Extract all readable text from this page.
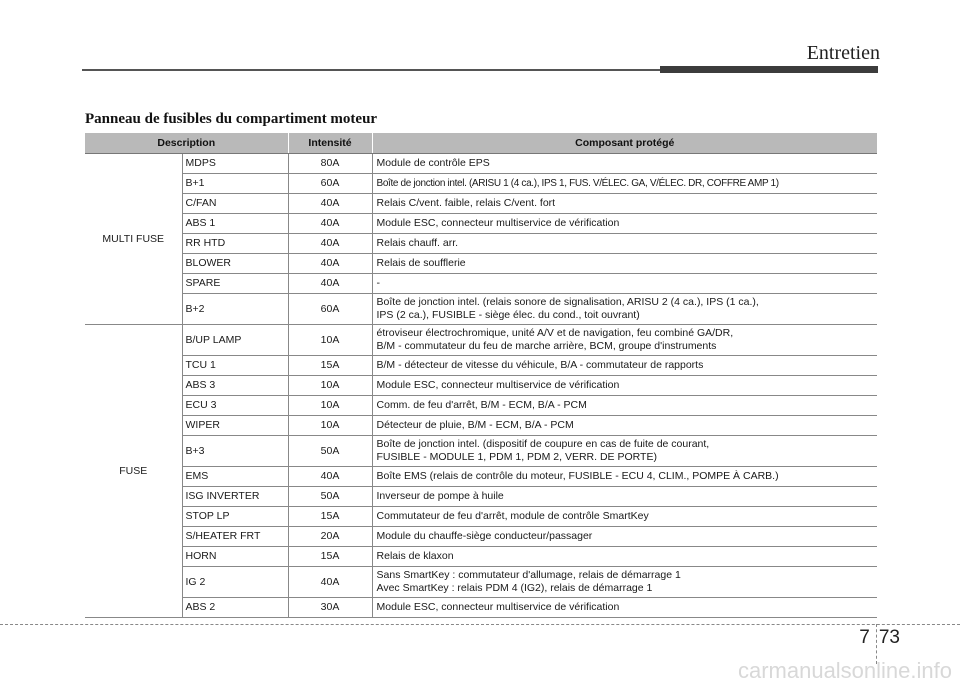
Entretien
Panneau de fusibles du compartiment moteur
Description		Intensité	Composant protégé
MULTI FUSE	MDPS	80A	Module de contrôle EPS

	B+1	60A	Boîte de jonction intel. (ARISU 1 (4 ca.), IPS 1, FUS. V/ÉLEC. GA, V/ÉLEC. DR, COFFRE AMP 1)

	C/FAN	40A	Relais C/vent. faible, relais C/vent. fort

	ABS 1	40A	Module ESC, connecteur multiservice de vérification

	RR HTD	40A	Relais chauff. arr.

	BLOWER	40A	Relais de soufflerie

	SPARE	40A	-

	B+2	60A	Boîte de jonction intel. (relais sonore de signalisation, ARISU 2 (4 ca.), IPS (1 ca.),
IPS (2 ca.), FUSIBLE - siège élec. du cond., toit ouvrant)

FUSE	B/UP LAMP	10A	étroviseur électrochromique, unité A/V et de navigation, feu combiné GA/DR,
B/M - commutateur du feu de marche arrière, BCM, groupe d'instruments

	TCU 1	15A	B/M - détecteur de vitesse du véhicule, B/A - commutateur de rapports

	ABS 3	10A	Module ESC, connecteur multiservice de vérification

	ECU 3	10A	Comm. de feu d'arrêt, B/M - ECM, B/A - PCM

	WIPER	10A	Détecteur de pluie, B/M - ECM, B/A - PCM

	B+3	50A	Boîte de jonction intel. (dispositif de coupure en cas de fuite de courant,
FUSIBLE - MODULE 1, PDM 1, PDM 2, VERR. DE PORTE)

	EMS	40A	Boîte EMS (relais de contrôle du moteur, FUSIBLE - ECU 4, CLIM., POMPE À CARB.)

	ISG INVERTER	50A	Inverseur de pompe à huile

	STOP LP	15A	Commutateur de feu d'arrêt, module de contrôle SmartKey

	S/HEATER FRT	20A	Module du chauffe-siège conducteur/passager

	HORN	15A	Relais de klaxon

	IG 2	40A	Sans SmartKey : commutateur d'allumage, relais de démarrage 1
Avec SmartKey : relais PDM 4 (IG2), relais de démarrage 1

	ABS 2	30A	Module ESC, connecteur multiservice de vérification
7 73
carmanualsonline.info
